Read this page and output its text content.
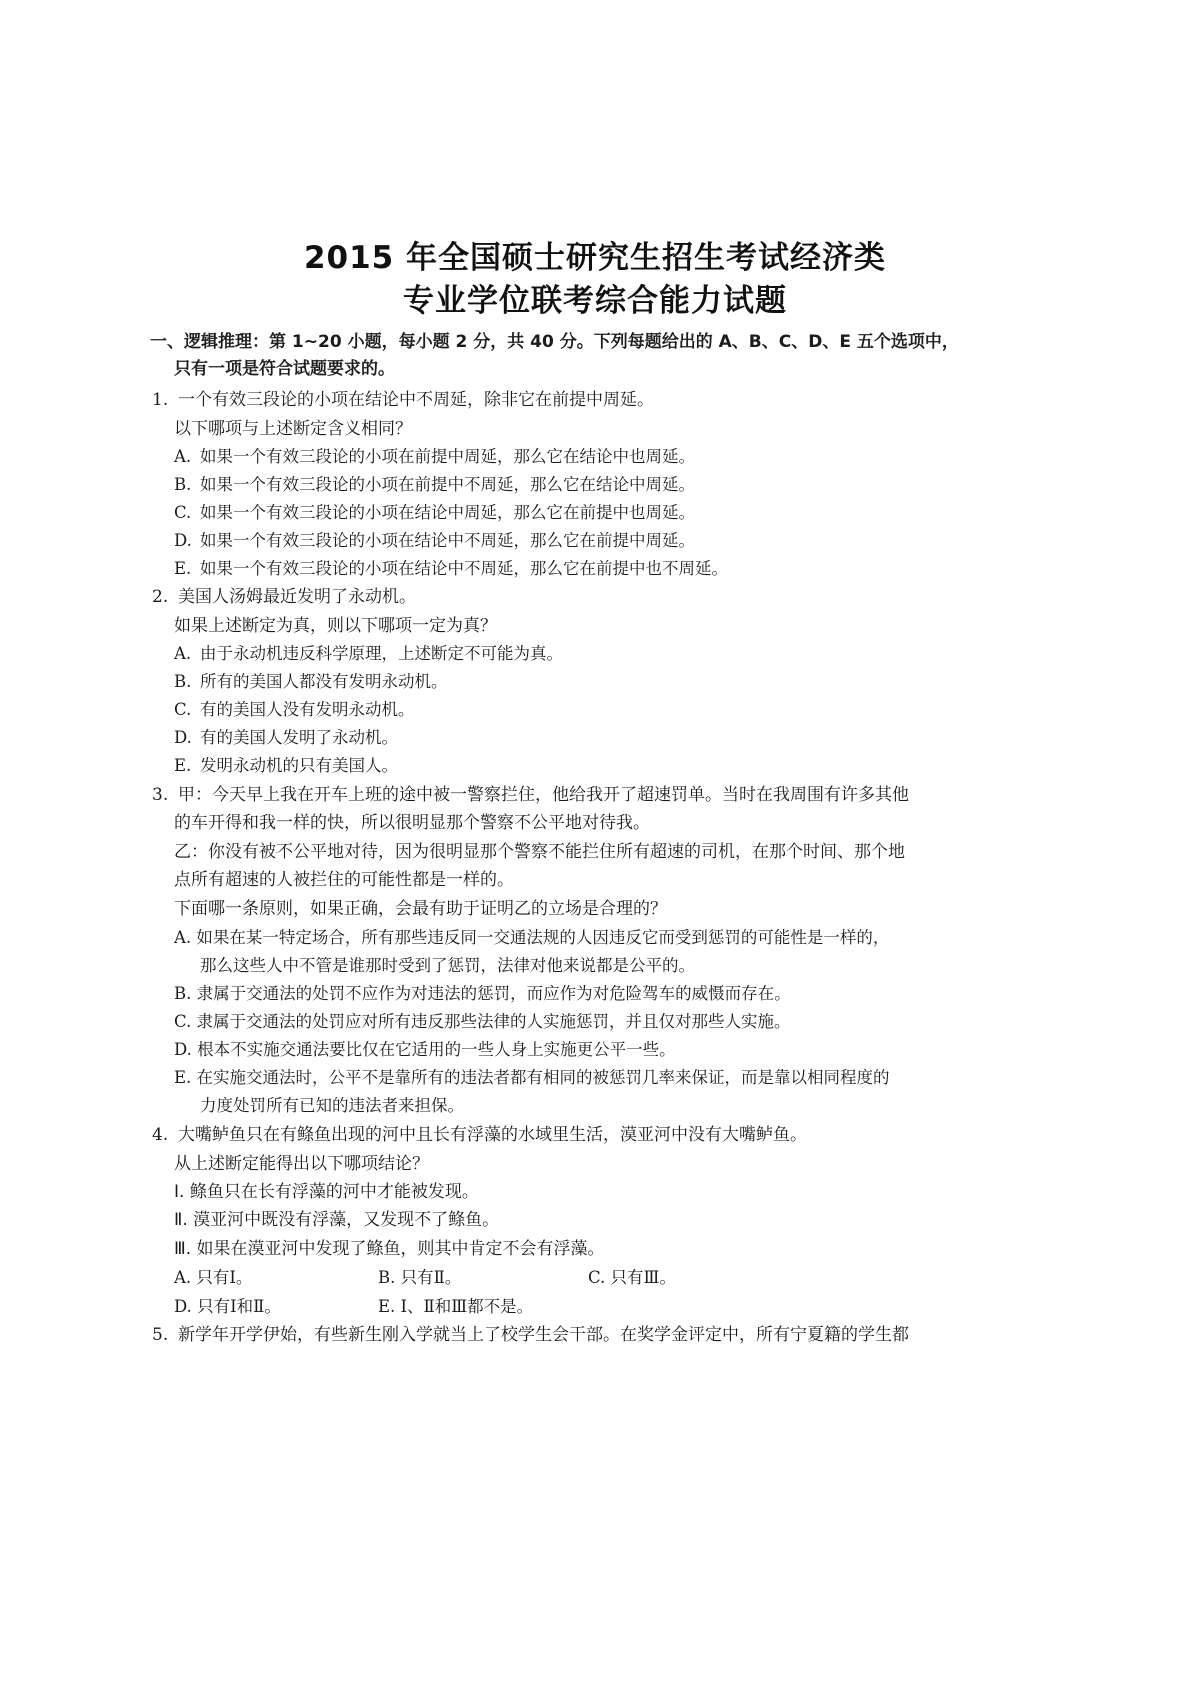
2015 年全国硕士研究生招生考试经济类
专业学位联考综合能力试题
一、逻辑推理：第 1~20 小题，每小题 2 分，共 40 分。下列每题给出的 A、B、C、D、E 五个选项中，
只有一项是符合试题要求的。
1. 一个有效三段论的小项在结论中不周延，除非它在前提中周延。
以下哪项与上述断定含义相同？
A. 如果一个有效三段论的小项在前提中周延，那么它在结论中也周延。
B. 如果一个有效三段论的小项在前提中不周延，那么它在结论中周延。
C. 如果一个有效三段论的小项在结论中周延，那么它在前提中也周延。
D. 如果一个有效三段论的小项在结论中不周延，那么它在前提中周延。
E. 如果一个有效三段论的小项在结论中不周延，那么它在前提中也不周延。
2. 美国人汤姆最近发明了永动机。
如果上述断定为真，则以下哪项一定为真？
A. 由于永动机违反科学原理，上述断定不可能为真。
B. 所有的美国人都没有发明永动机。
C. 有的美国人没有发明永动机。
D. 有的美国人发明了永动机。
E. 发明永动机的只有美国人。
3. 甲：今天早上我在开车上班的途中被一警察拦住，他给我开了超速罚单。当时在我周围有许多其他
的车开得和我一样的快，所以很明显那个警察不公平地对待我。
乙：你没有被不公平地对待，因为很明显那个警察不能拦住所有超速的司机，在那个时间、那个地
点所有超速的人被拦住的可能性都是一样的。
下面哪一条原则，如果正确，会最有助于证明乙的立场是合理的？
A. 如果在某一特定场合，所有那些违反同一交通法规的人因违反它而受到惩罚的可能性是一样的，
那么这些人中不管是谁那时受到了惩罚，法律对他来说都是公平的。
B. 隶属于交通法的处罚不应作为对违法的惩罚，而应作为对危险驾车的威慑而存在。
C. 隶属于交通法的处罚应对所有违反那些法律的人实施惩罚，并且仅对那些人实施。
D. 根本不实施交通法要比仅在它适用的一些人身上实施更公平一些。
E. 在实施交通法时，公平不是靠所有的违法者都有相同的被惩罚几率来保证，而是靠以相同程度的
力度处罚所有已知的违法者来担保。
4. 大嘴鲈鱼只在有鲦鱼出现的河中且长有浮藻的水域里生活，漠亚河中没有大嘴鲈鱼。
从上述断定能得出以下哪项结论？
Ⅰ. 鲦鱼只在长有浮藻的河中才能被发现。
Ⅱ. 漠亚河中既没有浮藻，又发现不了鲦鱼。
Ⅲ. 如果在漠亚河中发现了鲦鱼，则其中肯定不会有浮藻。
A. 只有Ⅰ。	B. 只有Ⅱ。	C. 只有Ⅲ。
D. 只有Ⅰ和Ⅱ。	E. Ⅰ、Ⅱ和Ⅲ都不是。
5. 新学年开学伊始，有些新生刚入学就当上了校学生会干部。在奖学金评定中，所有宁夏籍的学生都
